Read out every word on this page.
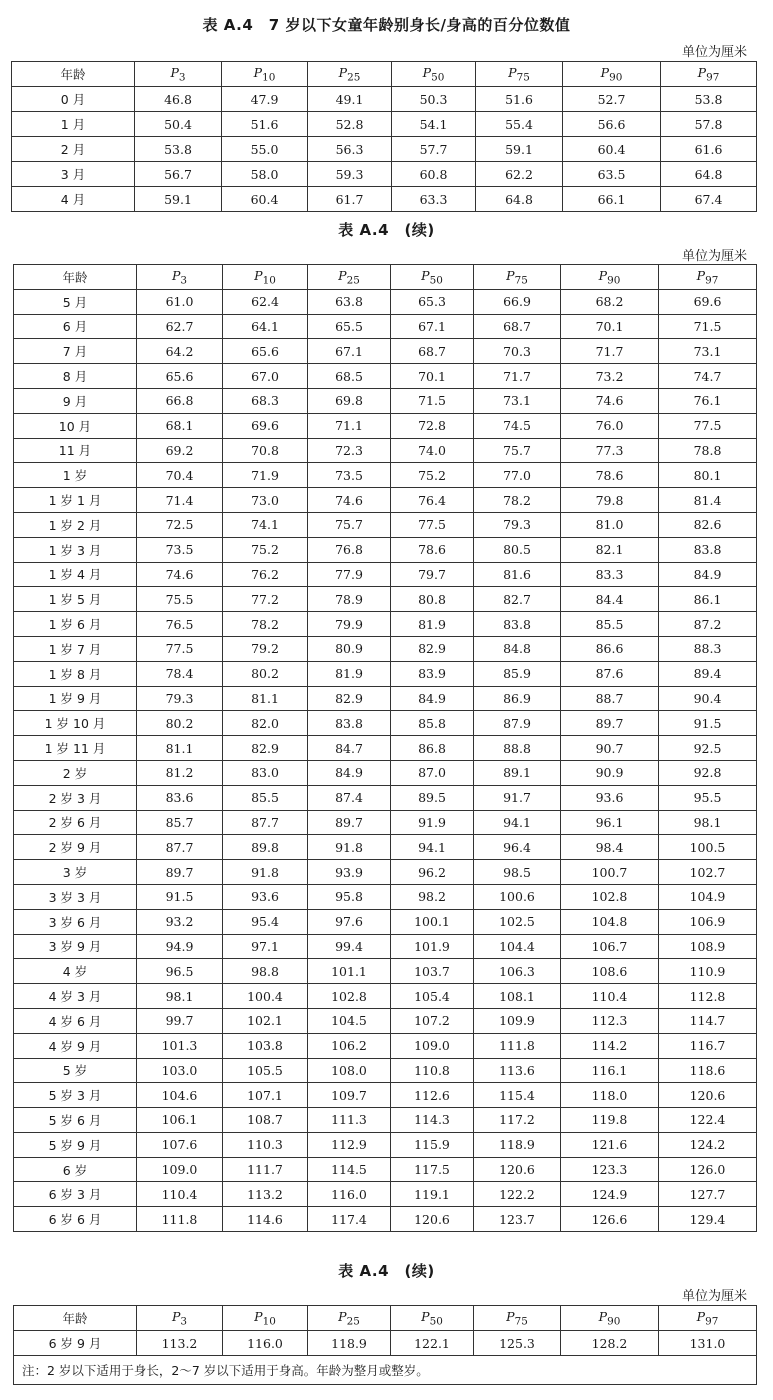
表 A.4　7 岁以下女童年龄别身长/身高的百分位数值
单位为厘米
年龄	$P_3$	$P_{10}$	$P_{25}$	$P_{50}$	$P_{75}$	$P_{90}$	$P_{97}$
0 月	46.8	47.9	49.1	50.3	51.6	52.7	53.8
1 月	50.4	51.6	52.8	54.1	55.4	56.6	57.8
2 月	53.8	55.0	56.3	57.7	59.1	60.4	61.6
3 月	56.7	58.0	59.3	60.8	62.2	63.5	64.8
4 月	59.1	60.4	61.7	63.3	64.8	66.1	67.4
表 A.4　(续)
单位为厘米
年龄	$P_3$	$P_{10}$	$P_{25}$	$P_{50}$	$P_{75}$	$P_{90}$	$P_{97}$
5 月	61.0	62.4	63.8	65.3	66.9	68.2	69.6
6 月	62.7	64.1	65.5	67.1	68.7	70.1	71.5
7 月	64.2	65.6	67.1	68.7	70.3	71.7	73.1
8 月	65.6	67.0	68.5	70.1	71.7	73.2	74.7
9 月	66.8	68.3	69.8	71.5	73.1	74.6	76.1
10 月	68.1	69.6	71.1	72.8	74.5	76.0	77.5
11 月	69.2	70.8	72.3	74.0	75.7	77.3	78.8
1 岁	70.4	71.9	73.5	75.2	77.0	78.6	80.1
1 岁 1 月	71.4	73.0	74.6	76.4	78.2	79.8	81.4
1 岁 2 月	72.5	74.1	75.7	77.5	79.3	81.0	82.6
1 岁 3 月	73.5	75.2	76.8	78.6	80.5	82.1	83.8
1 岁 4 月	74.6	76.2	77.9	79.7	81.6	83.3	84.9
1 岁 5 月	75.5	77.2	78.9	80.8	82.7	84.4	86.1
1 岁 6 月	76.5	78.2	79.9	81.9	83.8	85.5	87.2
1 岁 7 月	77.5	79.2	80.9	82.9	84.8	86.6	88.3
1 岁 8 月	78.4	80.2	81.9	83.9	85.9	87.6	89.4
1 岁 9 月	79.3	81.1	82.9	84.9	86.9	88.7	90.4
1 岁 10 月	80.2	82.0	83.8	85.8	87.9	89.7	91.5
1 岁 11 月	81.1	82.9	84.7	86.8	88.8	90.7	92.5
2 岁	81.2	83.0	84.9	87.0	89.1	90.9	92.8
2 岁 3 月	83.6	85.5	87.4	89.5	91.7	93.6	95.5
2 岁 6 月	85.7	87.7	89.7	91.9	94.1	96.1	98.1
2 岁 9 月	87.7	89.8	91.8	94.1	96.4	98.4	100.5
3 岁	89.7	91.8	93.9	96.2	98.5	100.7	102.7
3 岁 3 月	91.5	93.6	95.8	98.2	100.6	102.8	104.9
3 岁 6 月	93.2	95.4	97.6	100.1	102.5	104.8	106.9
3 岁 9 月	94.9	97.1	99.4	101.9	104.4	106.7	108.9
4 岁	96.5	98.8	101.1	103.7	106.3	108.6	110.9
4 岁 3 月	98.1	100.4	102.8	105.4	108.1	110.4	112.8
4 岁 6 月	99.7	102.1	104.5	107.2	109.9	112.3	114.7
4 岁 9 月	101.3	103.8	106.2	109.0	111.8	114.2	116.7
5 岁	103.0	105.5	108.0	110.8	113.6	116.1	118.6
5 岁 3 月	104.6	107.1	109.7	112.6	115.4	118.0	120.6
5 岁 6 月	106.1	108.7	111.3	114.3	117.2	119.8	122.4
5 岁 9 月	107.6	110.3	112.9	115.9	118.9	121.6	124.2
6 岁	109.0	111.7	114.5	117.5	120.6	123.3	126.0
6 岁 3 月	110.4	113.2	116.0	119.1	122.2	124.9	127.7
6 岁 6 月	111.8	114.6	117.4	120.6	123.7	126.6	129.4
表 A.4　(续)
单位为厘米
年龄	$P_3$	$P_{10}$	$P_{25}$	$P_{50}$	$P_{75}$	$P_{90}$	$P_{97}$
6 岁 9 月	113.2	116.0	118.9	122.1	125.3	128.2	131.0
注：2 岁以下适用于身长，2～7 岁以下适用于身高。年龄为整月或整岁。							
